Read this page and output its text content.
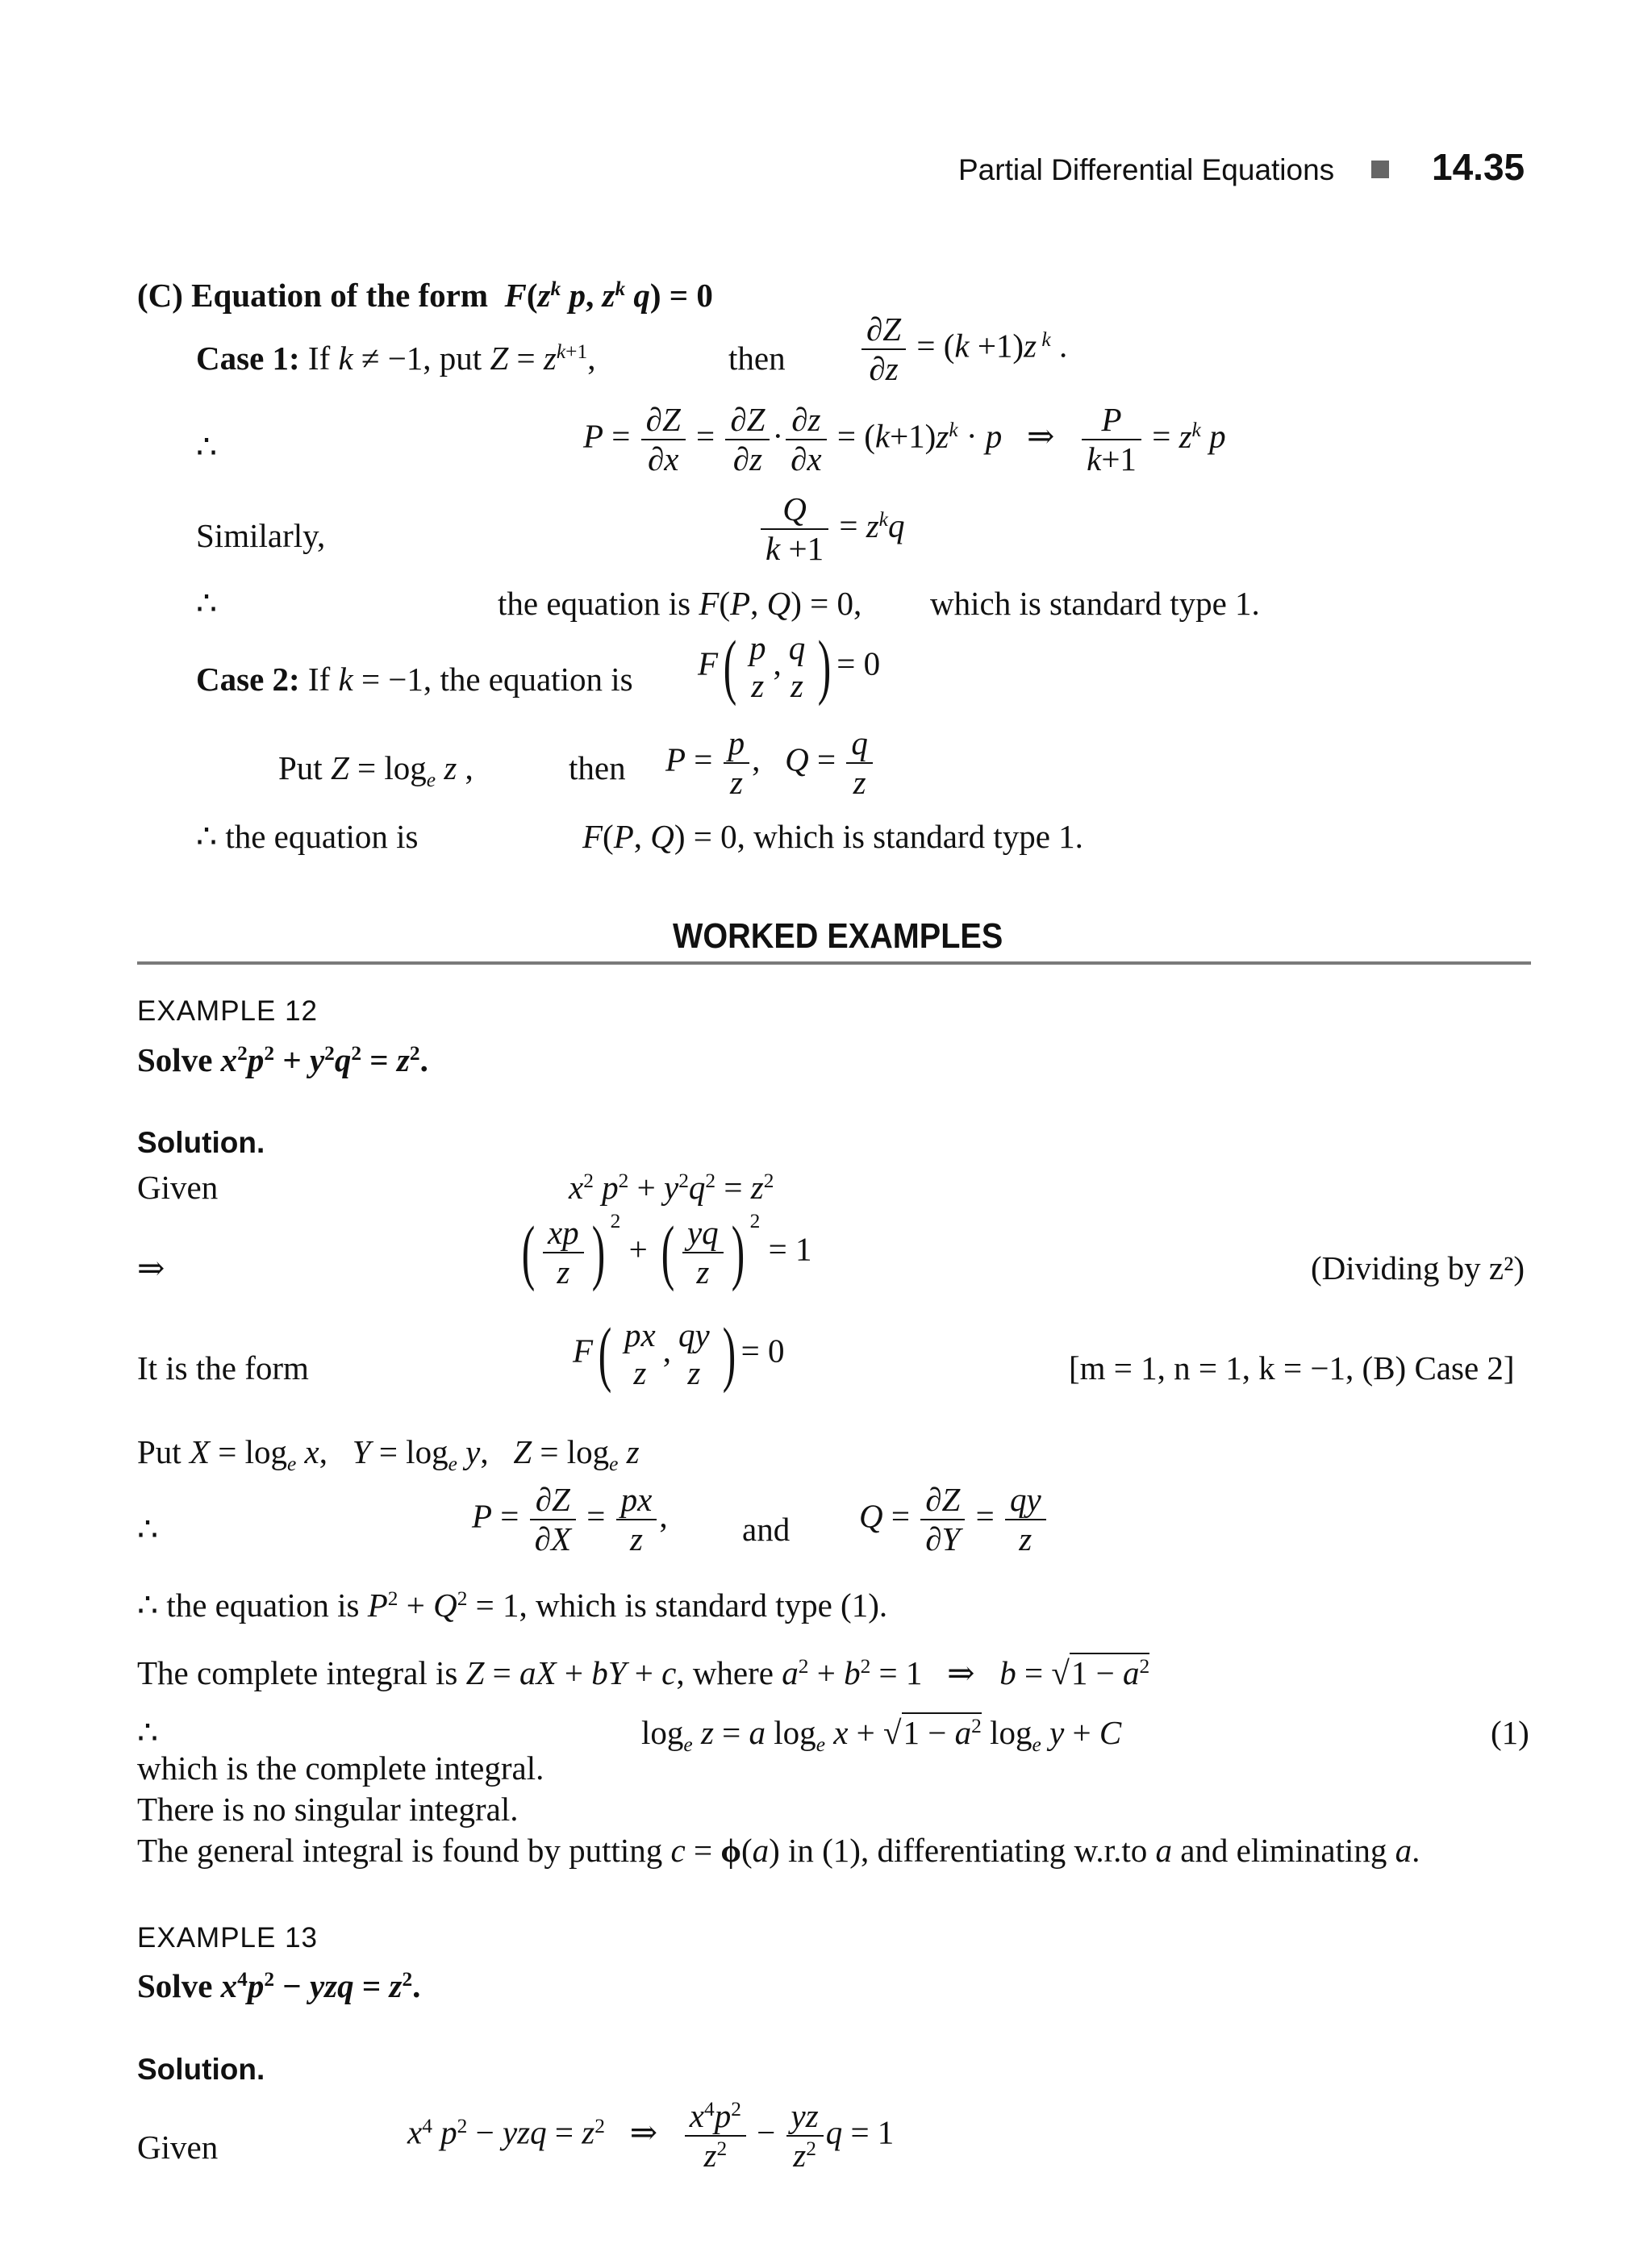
Partial Differential Equations	14.35
(C) Equation of the form $F(z^k$ p, $z^k$ q) = 0
Case 1: If k ≠ −1, put $Z = z^{k+1}$,	then $\frac{\partial Z}{\partial z} = (k +1)z$ $^k$ .
∴	$P = \frac{\partial Z}{\partial x} = \frac{\partial Z}{\partial z} \cdot \frac{\partial z}{\partial x} = (k+1)z^k \cdot p$   ⇒ $\frac{P}{k+1} = z^k$ p
Similarly,	$\frac{Q}{k +1} = z^kq$
∴	the equation is F(P, Q) = 0, which is standard type 1.
Case 2: If k = −1, the equation is F( p
z
, q
z ) = 0
Put $Z = \log_e z$ ,	then $P = \frac{p}{z}$ ,   $Q = \frac{q}{z}$
∴ the equation is	F(P, Q) = 0, which is standard type 1.
WORKED EXAMPLES
EXAMPLE 12
Solve $x^2p^2 + y^2q^2 = z^2$.
Solution.
Given	$x^2$ $p^2 + y^2q^2 = z^2$
⇒	( $\frac{xp}{z}$ ) $^2$ + ( $\frac{yq}{z}$ ) $^2$ = 1
(Dividing by z²)
It is the form	F( px
z
, qy
z ) = 0	[m = 1, n = 1, k = −1, (B) Case 2]
Put $X = \log_e x$,   $Y = \log_e y$,   $Z = \log_e z$
∴	$P = \frac{\partial Z}{\partial X} = \frac{px}{z}$ , and $Q = \frac{\partial Z}{\partial Y} = \frac{qy}{z}$
∴ the equation is $P^2 + Q^2 = 1$, which is standard type (1).
The complete integral is Z = aX + bY + c, where $a^2 + b^2 = 1$   ⇒   $b = √1 - a^2$
∴	$\log_e z = a$ $\log_e x + √1 - a^2$ $\log_e y + C$	(1)
which is the complete integral.
There is no singular integral.
The general integral is found by putting c = ϕ(a) in (1), differentiating w.r.to a and eliminating a.
EXAMPLE 13
Solve $x^4p^2$ − yzq = $z^2$.
Solution.
Given	$x^4$ $p^2$ − yzq = $z^2$   ⇒ $\frac{x^4p^2}{z^2} - \frac{yz}{z^2}$ q = 1
